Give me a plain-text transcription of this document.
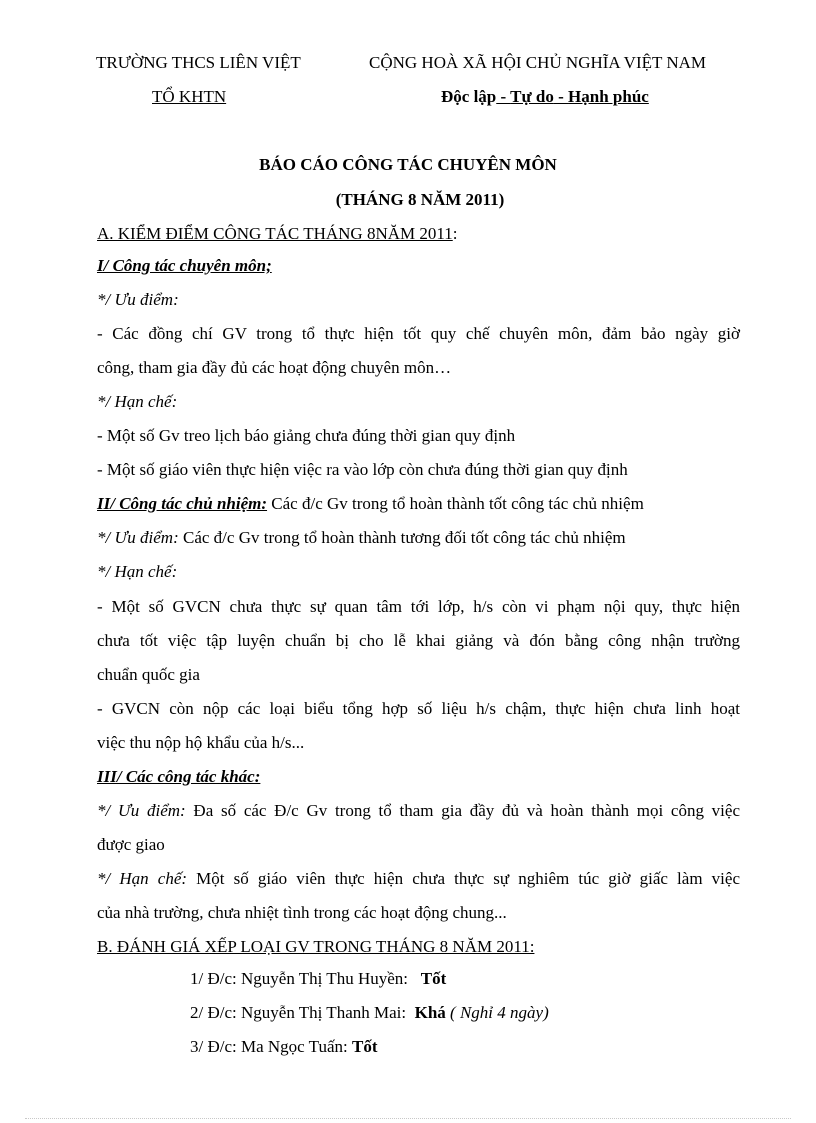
TRƯỜNG THCS LIÊN VIỆT
TỔ KHTN
CỘNG HOÀ XÃ HỘI CHỦ NGHĨA VIỆT NAM
Độc lập - Tự do - Hạnh phúc
BÁO CÁO CÔNG TÁC CHUYÊN MÔN
(THÁNG 8 NĂM 2011)
A. KIỂM ĐIỂM CÔNG TÁC THÁNG 8NĂM 2011:
I/ Công tác chuyên môn;
*/ Ưu điểm:
- Các đồng chí GV trong tổ thực hiện tốt quy chế chuyên môn, đảm bảo ngày giờ
công, tham gia đầy đủ các hoạt động chuyên môn…
*/ Hạn chế:
- Một số Gv treo lịch báo giảng chưa đúng thời gian quy định
- Một số giáo viên thực hiện việc ra vào lớp còn chưa đúng thời gian quy định
II/ Công tác chủ nhiệm: Các đ/c Gv trong tổ hoàn thành tốt công tác chủ nhiệm
*/ Ưu điểm: Các đ/c Gv trong tổ hoàn thành tương đối tốt công tác chủ nhiệm
*/ Hạn chế:
- Một số GVCN chưa thực sự quan tâm tới lớp, h/s còn vi phạm nội quy, thực hiện
chưa tốt việc tập luyện chuẩn bị cho lễ khai giảng và đón bằng công nhận trường
chuẩn quốc gia
- GVCN còn nộp các loại biểu tổng hợp số liệu h/s chậm, thực hiện chưa linh hoạt
việc thu nộp hộ khẩu của h/s...
III/ Các công tác khác:
*/ Ưu điểm: Đa số các Đ/c Gv trong tổ tham gia đầy đủ và hoàn thành mọi công việc
được giao
*/ Hạn chế: Một số giáo viên thực hiện chưa thực sự nghiêm túc giờ giấc làm việc
của nhà trường, chưa nhiệt tình trong các hoạt động chung...
B. ĐÁNH GIÁ XẾP LOẠI GV TRONG THÁNG 8 NĂM 2011:
1/ Đ/c: Nguyễn Thị Thu Huyền: Tốt
2/ Đ/c: Nguyễn Thị Thanh Mai: Khá ( Nghỉ 4 ngày)
3/ Đ/c: Ma Ngọc Tuấn: Tốt
